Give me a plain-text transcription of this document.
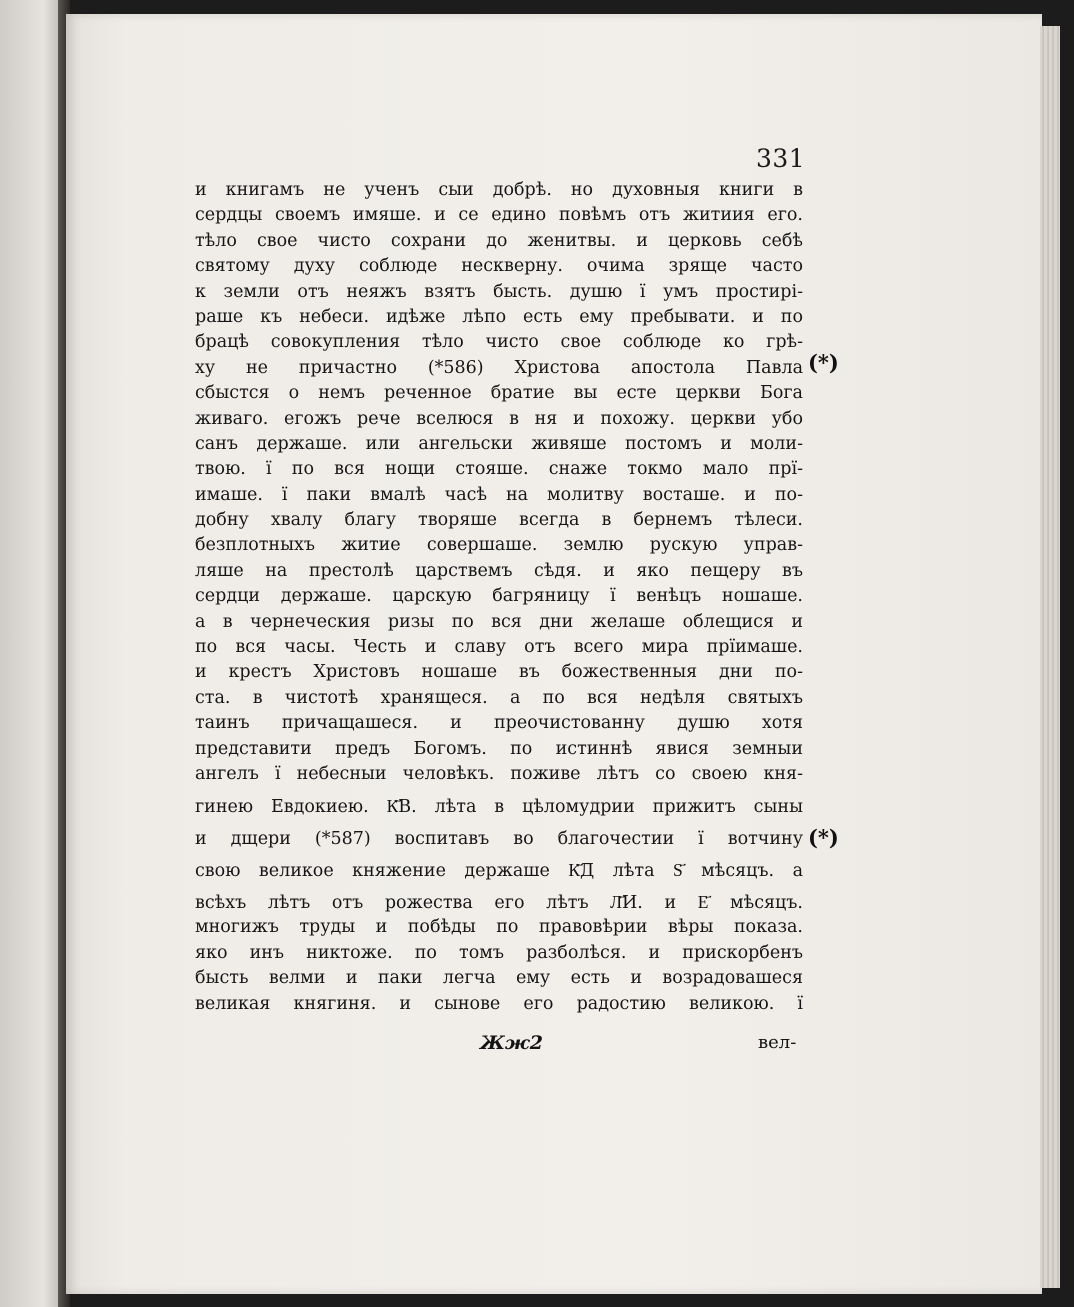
331
и книгамъ не ученъ сыи добрѣ. но духовныя книги в
сердцы своемъ имяше. и се едино повѣмъ отъ житиия его.
тѣло свое чисто сохрани до женитвы. и церковь себѣ
святому духу соблюде нескверну. очима зряще часто
к земли отъ неяжъ взятъ бысть. душю ї умъ простирі-
раше къ небеси. идѣже лѣпо есть ему пребывати. и по
брацѣ совокупления тѣло чисто свое соблюде ко грѣ-
ху не причастно (*586) Христова апостола Павла
сбыстся о немъ реченное братие вы есте церкви Бога
живаго. егожъ рече вселюся в ня и похожу. церкви убо
санъ держаше. или ангельски живяше постомъ и моли-
твою. ї по вся нощи стояше. снаже токмо мало прї-
имаше. ї паки вмалѣ часѣ на молитву восташе. и по-
добну хвалу благу творяше всегда в бернемъ тѣлеси.
безплотныхъ житие совершаше. землю рускую управ-
ляше на престолѣ царствемъ сѣдя. и яко пещеру въ
сердци держаше. царскую багряницу ї венѣцъ ношаше.
а в чернеческия ризы по вся дни желаше облещися и
по вся часы. Честь и славу отъ всего мира прїимаше.
и крестъ Христовъ ношаше въ божественныя дни по-
ста. в чистотѣ хранящеся. а по вся недѣля святыхъ
таинъ причащашеся. и преочистованну душю хотя
представити предъ Богомъ. по истиннѣ явися земныи
ангелъ ї небесныи человѣкъ. поживе лѣтъ со своею кня-
гинею Евдокиею. К҃В. лѣта в цѣломудрии прижитъ сыны
и дщери (*587) воспитавъ во благочестии ї вотчину
свою великое княжение держаше К҃Д лѣта Ѕ҃ мѣсяцъ. а
всѣхъ лѣтъ отъ рожества его лѣтъ Л҃И. и Е҃ мѣсяцъ.
многижъ труды и побѣды по правовѣрии вѣры показа.
яко инъ никтоже. по томъ разболѣся. и прискорбенъ
бысть велми и паки легча ему есть и возрадовашеся
великая княгиня. и сынове его радостию великою. ї
(*)
(*)
Жж2	вел-
